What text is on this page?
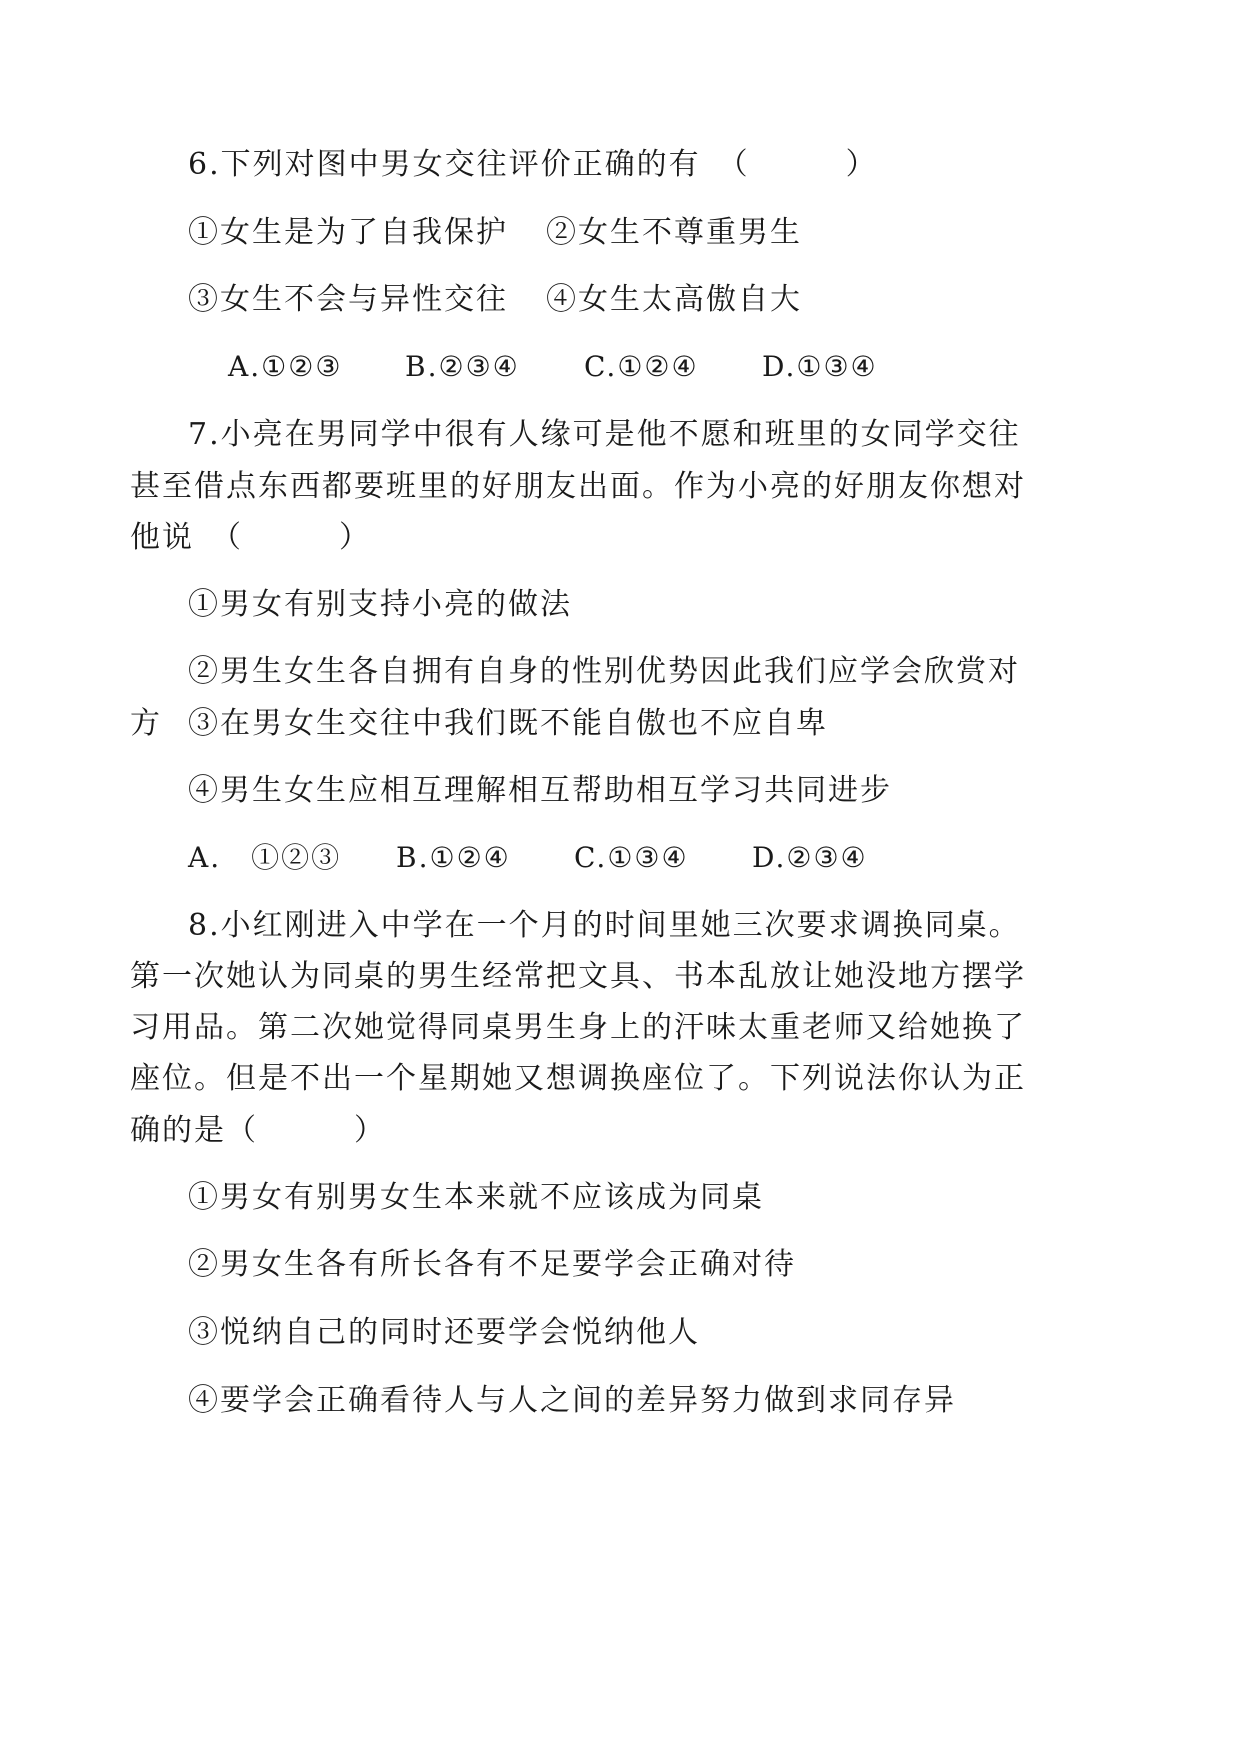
6.下列对图中男女交往评价正确的有　（　　　）
①女生是为了自我保护 ②女生不尊重男生
③女生不会与异性交往 ④女生太高傲自大
A.①②③ B.②③④ C.①②④ D.①③④
7.小亮在男同学中很有人缘可是他不愿和班里的女同学交往
甚至借点东西都要班里的好朋友出面。作为小亮的好朋友你想对
他说　（　　　）
①男女有别支持小亮的做法
②男生女生各自拥有自身的性别优势因此我们应学会欣赏对
方 ③在男女生交往中我们既不能自傲也不应自卑
④男生女生应相互理解相互帮助相互学习共同进步
A.　①②③ B.①②④ C.①③④ D.②③④
8.小红刚进入中学在一个月的时间里她三次要求调换同桌。
第一次她认为同桌的男生经常把文具、书本乱放让她没地方摆学
习用品。第二次她觉得同桌男生身上的汗味太重老师又给她换了
座位。但是不出一个星期她又想调换座位了。下列说法你认为正
确的是（　　　）
①男女有别男女生本来就不应该成为同桌
②男女生各有所长各有不足要学会正确对待
③悦纳自己的同时还要学会悦纳他人
④要学会正确看待人与人之间的差异努力做到求同存异
